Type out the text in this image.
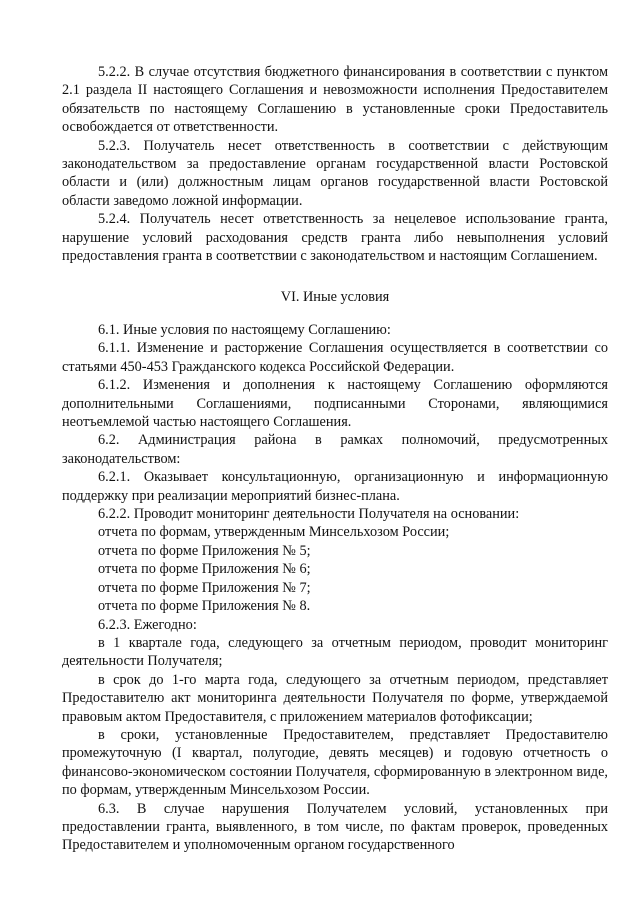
5.2.2. В случае отсутствия бюджетного финансирования в соответствии с пунктом 2.1 раздела II настоящего Соглашения и невозможности исполнения Предоставителем обязательств по настоящему Соглашению в установленные сроки Предоставитель освобождается от ответственности.

5.2.3. Получатель несет ответственность в соответствии с действующим законодательством за предоставление органам государственной власти Ростовской области и (или) должностным лицам органов государственной власти Ростовской области заведомо ложной информации.

5.2.4. Получатель несет ответственность за нецелевое использование гранта, нарушение условий расходования средств гранта либо невыполнения условий предоставления гранта в соответствии с законодательством и настоящим Соглашением.

VI. Иные условия

6.1. Иные условия по настоящему Соглашению:

6.1.1. Изменение и расторжение Соглашения осуществляется в соответствии со статьями 450-453 Гражданского кодекса Российской Федерации.

6.1.2. Изменения и дополнения к настоящему Соглашению оформляются дополнительными Соглашениями, подписанными Сторонами, являющимися неотъемлемой частью настоящего Соглашения.

6.2. Администрация района в рамках полномочий, предусмотренных законодательством:

6.2.1. Оказывает консультационную, организационную и информационную поддержку при реализации мероприятий бизнес-плана.

6.2.2. Проводит мониторинг деятельности Получателя на основании:

отчета по формам, утвержденным Минсельхозом России;

отчета по форме Приложения № 5;

отчета по форме Приложения № 6;

отчета по форме Приложения № 7;

отчета по форме Приложения № 8.

6.2.3. Ежегодно:

в 1 квартале года, следующего за отчетным периодом, проводит мониторинг деятельности Получателя;

в срок до 1-го марта года, следующего за отчетным периодом, представляет Предоставителю акт мониторинга деятельности Получателя по форме, утверждаемой правовым актом Предоставителя, с приложением материалов фотофиксации;

в сроки, установленные Предоставителем, представляет Предоставителю промежуточную (I квартал, полугодие, девять месяцев) и годовую отчетность о финансово-экономическом состоянии Получателя, сформированную в электронном виде, по формам, утвержденным Минсельхозом России.

6.3. В случае нарушения Получателем условий, установленных при предоставлении гранта, выявленного, в том числе, по фактам проверок, проведенных Предоставителем и уполномоченным органом государственного
